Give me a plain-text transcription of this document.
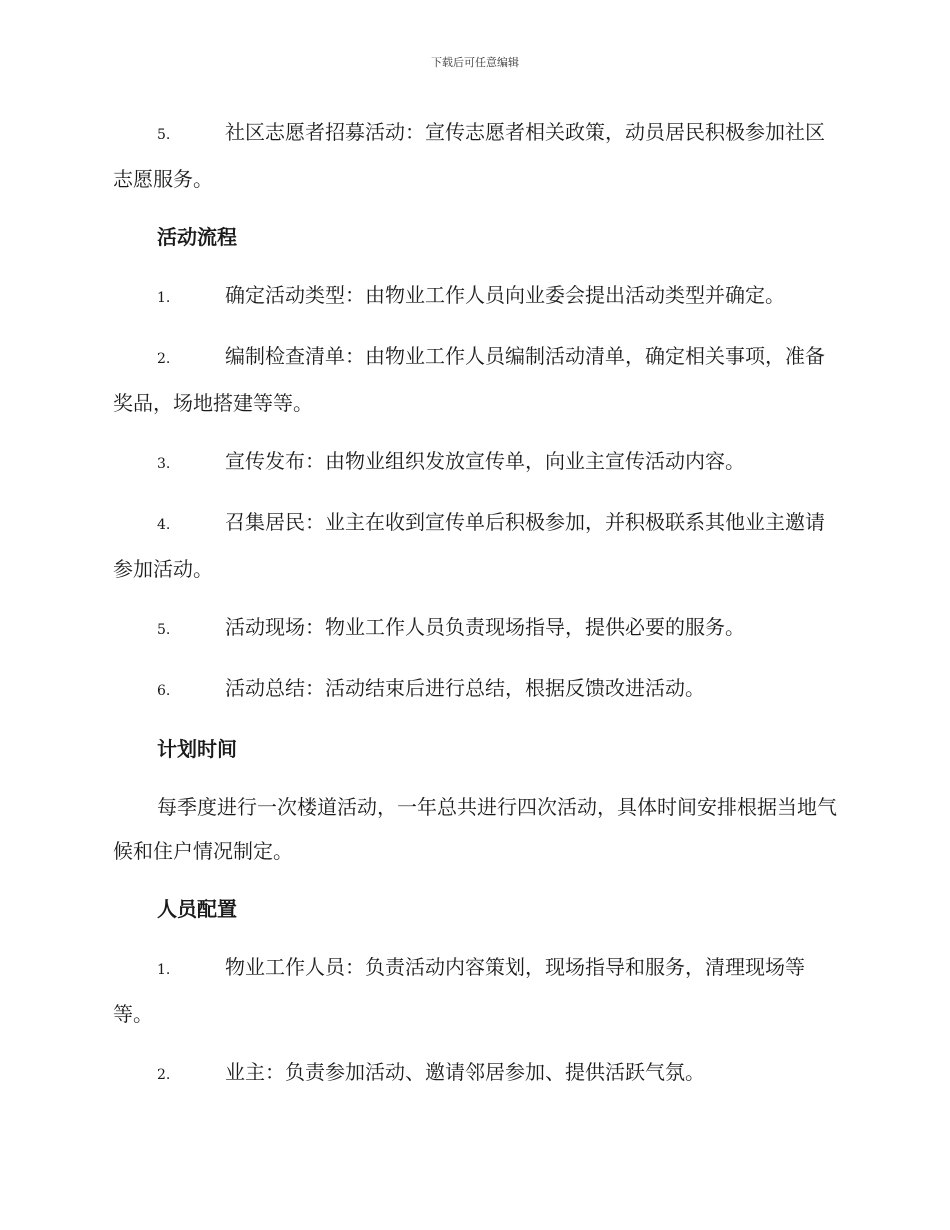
下载后可任意编辑

5.	社区志愿者招募活动：宣传志愿者相关政策，动员居民积极参加社区志愿服务。

活动流程

1.	确定活动类型：由物业工作人员向业委会提出活动类型并确定。

2.	编制检查清单：由物业工作人员编制活动清单，确定相关事项，准备奖品，场地搭建等等。

3.	宣传发布：由物业组织发放宣传单，向业主宣传活动内容。

4.	召集居民：业主在收到宣传单后积极参加，并积极联系其他业主邀请参加活动。

5.	活动现场：物业工作人员负责现场指导，提供必要的服务。

6.	活动总结：活动结束后进行总结，根据反馈改进活动。

计划时间

每季度进行一次楼道活动，一年总共进行四次活动，具体时间安排根据当地气候和住户情况制定。

人员配置

1.	物业工作人员：负责活动内容策划，现场指导和服务，清理现场等等。

2.	业主：负责参加活动、邀请邻居参加、提供活跃气氛。
